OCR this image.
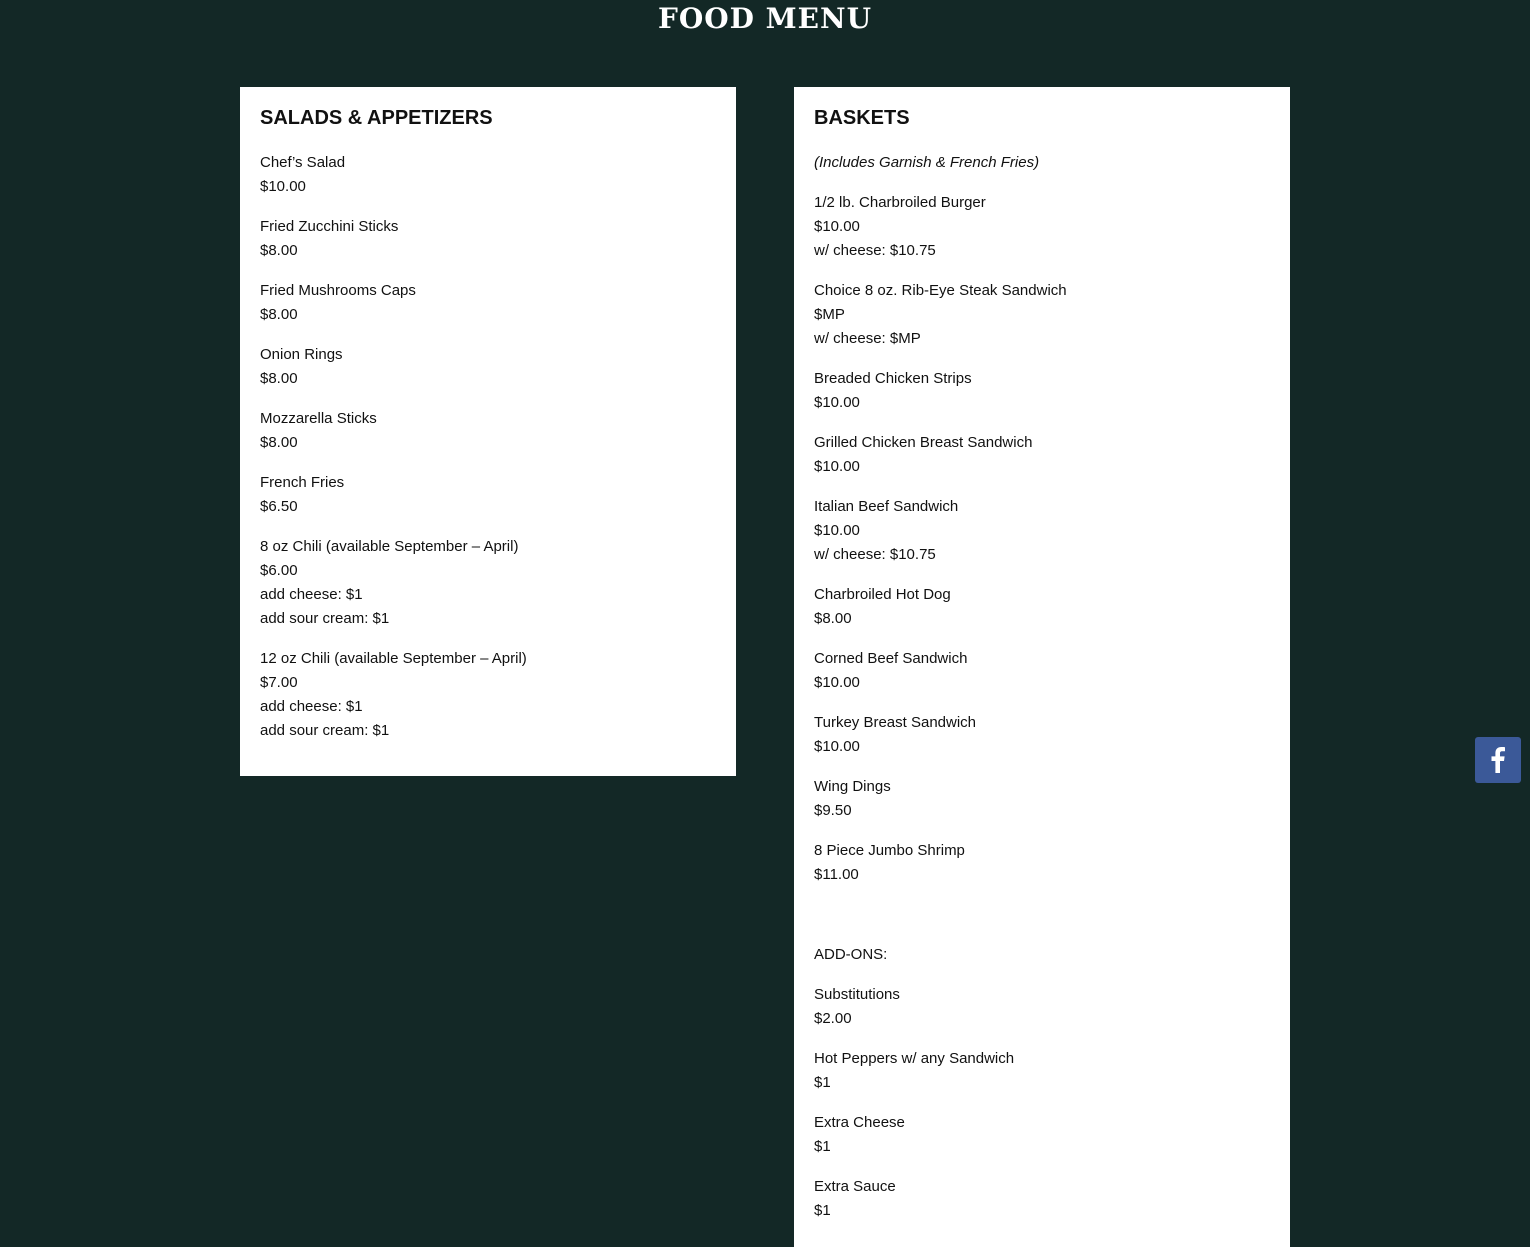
FOOD MENU
SALADS & APPETIZERS
Chef’s Salad
$10.00
Fried Zucchini Sticks
$8.00
Fried Mushrooms Caps
$8.00
Onion Rings
$8.00
Mozzarella Sticks
$8.00
French Fries
$6.50
8 oz Chili (available September – April)
$6.00
add cheese: $1
add sour cream: $1
12 oz Chili (available September – April)
$7.00
add cheese: $1
add sour cream: $1
BASKETS
(Includes Garnish & French Fries)
1/2 lb. Charbroiled Burger
$10.00
w/ cheese: $10.75
Choice 8 oz. Rib-Eye Steak Sandwich
$MP
w/ cheese: $MP
Breaded Chicken Strips
$10.00
Grilled Chicken Breast Sandwich
$10.00
Italian Beef Sandwich
$10.00
w/ cheese: $10.75
Charbroiled Hot Dog
$8.00
Corned Beef Sandwich
$10.00
Turkey Breast Sandwich
$10.00
Wing Dings
$9.50
8 Piece Jumbo Shrimp
$11.00
ADD-ONS:
Substitutions
$2.00
Hot Peppers w/ any Sandwich
$1
Extra Cheese
$1
Extra Sauce
$1
